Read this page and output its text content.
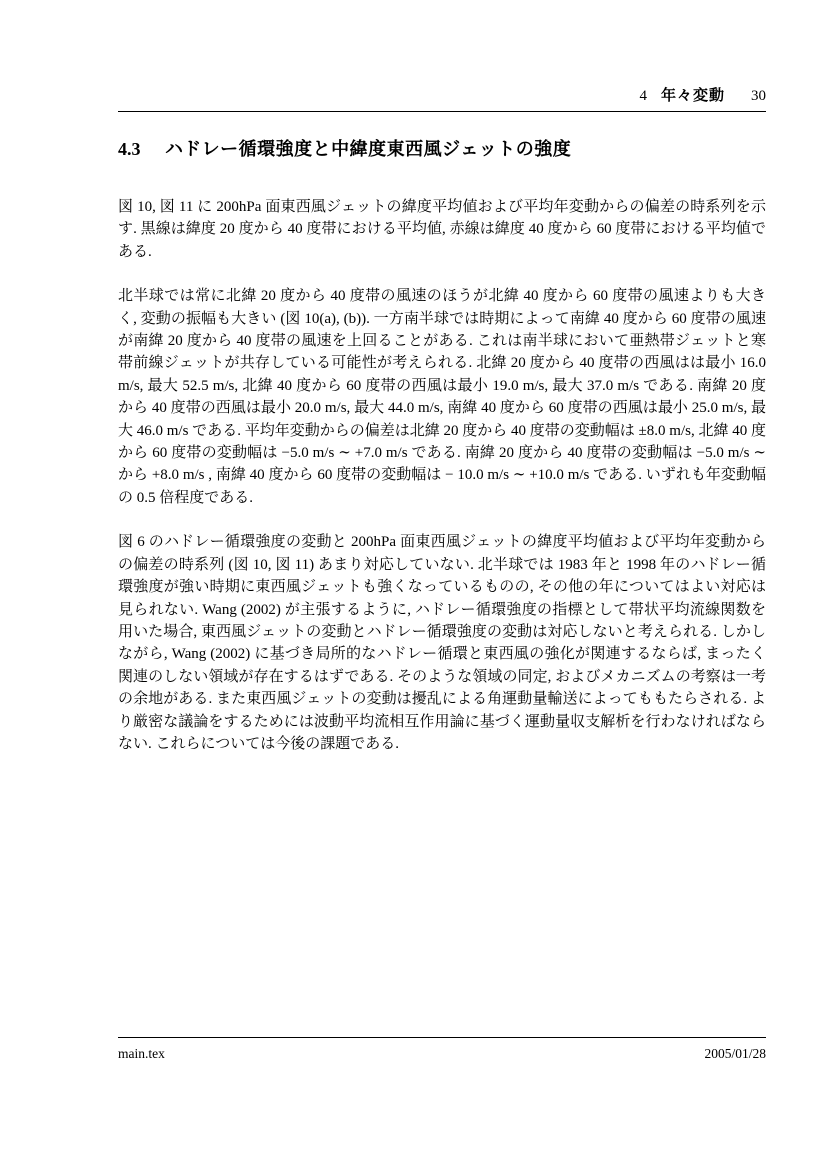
4 年々変動 30
4.3 ハドレー循環強度と中緯度東西風ジェットの強度

図 10, 図 11 に 200hPa 面東西風ジェットの緯度平均値および平均年変動からの偏差の時系列を示す. 黒線は緯度 20 度から 40 度帯における平均値, 赤線は緯度 40 度から 60 度帯における平均値である.

北半球では常に北緯 20 度から 40 度帯の風速のほうが北緯 40 度から 60 度帯の風速よりも大きく, 変動の振幅も大きい (図 10(a), (b)). 一方南半球では時期によって南緯 40 度から 60 度帯の風速が南緯 20 度から 40 度帯の風速を上回ることがある. これは南半球において亜熱帯ジェットと寒帯前線ジェットが共存している可能性が考えられる. 北緯 20 度から 40 度帯の西風はは最小 16.0 m/s, 最大 52.5 m/s, 北緯 40 度から 60 度帯の西風は最小 19.0 m/s, 最大 37.0 m/s である. 南緯 20 度から 40 度帯の西風は最小 20.0 m/s, 最大 44.0 m/s, 南緯 40 度から 60 度帯の西風は最小 25.0 m/s, 最大 46.0 m/s である. 平均年変動からの偏差は北緯 20 度から 40 度帯の変動幅は ±8.0 m/s, 北緯 40 度から 60 度帯の変動幅は −5.0 m/s ∼ +7.0 m/s である. 南緯 20 度から 40 度帯の変動幅は −5.0 m/s ∼ から +8.0 m/s , 南緯 40 度から 60 度帯の変動幅は − 10.0 m/s ∼ +10.0 m/s である. いずれも年変動幅の 0.5 倍程度である.

図 6 のハドレー循環強度の変動と 200hPa 面東西風ジェットの緯度平均値および平均年変動からの偏差の時系列 (図 10, 図 11) あまり対応していない. 北半球では 1983 年と 1998 年のハドレー循環強度が強い時期に東西風ジェットも強くなっているものの, その他の年についてはよい対応は見られない. Wang (2002) が主張するように, ハドレー循環強度の指標として帯状平均流線関数を用いた場合, 東西風ジェットの変動とハドレー循環強度の変動は対応しないと考えられる. しかしながら, Wang (2002) に基づき局所的なハドレー循環と東西風の強化が関連するならば, まったく関連のしない領域が存在するはずである. そのような領域の同定, およびメカニズムの考察は一考の余地がある. また東西風ジェットの変動は擾乱による角運動量輸送によってももたらされる. より厳密な議論をするためには波動平均流相互作用論に基づく運動量収支解析を行わなければならない. これらについては今後の課題である.

main.tex	2005/01/28
